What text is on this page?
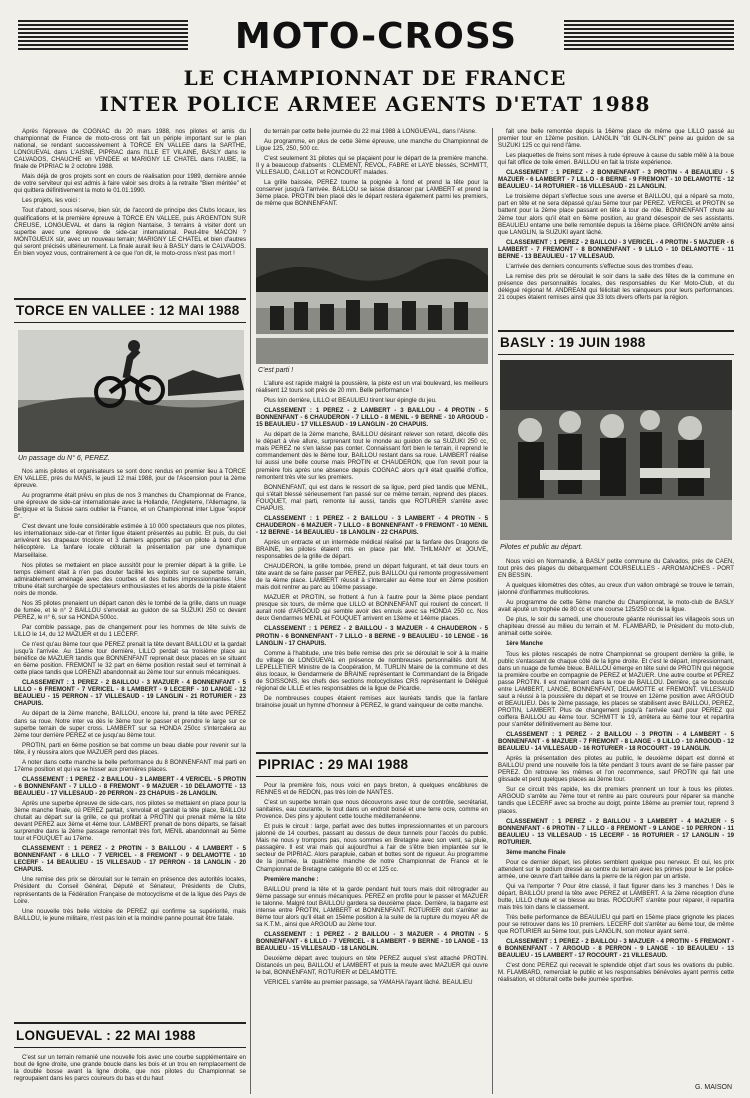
MOTO-CROSS
LE CHAMPIONNAT DE FRANCE
INTER POLICE ARMEE AGENTS D'ETAT 1988

Après l'épreuve de COGNAC du 20 mars 1988, nos pilotes et amis du championnat de France de moto-cross ont fait un périple important sur le plan national, se rendant successivement à TORCE EN VALLEE dans la SARTHE, LONGUEVAL dans L'AISNE, PIPRIAC dans l'ILLE ET VILAINE, BASLY dans le CALVADOS, CHAUCHE en VENDEE et MARIGNY LE CHATEL dans l'AUBE, la finale de PIPRIAC le 2 octobre 1988.

Mais déjà de gros projets sont en cours de réalisation pour 1989, dernière année de votre serviteur qui est admis à faire valoir ses droits à la retraite "Bien méritée" et qui quittera définitivement la moto le 01.01.1990.

Les projets, les voici :

Tout d'abord, sous réserve, bien sûr, de l'accord de principe des Clubs locaux, les qualifications et la première épreuve à TORCE EN VALLEE, puis ARGENTON SUR CREUSE, LONGUEVAL et dans la région Nantaise, 3 terrains à visiter dont un superbe avec une épreuve de side-car international. Peut-être MACON ? MONTGUEUX sûr, avec un nouveau terrain; MARIGNY LE CHATEL et bien d'autres qui seront précisés ultérieurement. La finale aurait lieu à BASLY dans le CALVADOS. En bien voyez vous, contrairement à ce que l'on dit, le moto-cross n'est pas mort !

TORCE EN VALLEE : 12 MAI 1988
Un passage du N° 6, PEREZ.

Nos amis pilotes et organisateurs se sont donc rendus en premier lieu à TORCE EN VALLEE, près du MANS, le jeudi 12 mai 1988, jour de l'Ascension pour la 2ème épreuve.

Au programme était prévu en plus de nos 3 manches du Championnat de France, une épreuve de side-car internationale avec la Hollande, l'Angleterre, l'Allemagne, la Belgique et la Suisse sans oublier la France, et un Championnat inter Ligue "espoir B".

C'est devant une foule considérable estimée à 10 000 spectateurs que nos pilotes, les internationaux side-car et l'inter ligue étaient présentés au public. Et puis, du ciel arrivèrent les drapeaux tricolore et 3 damiers apportés par un pilote à bord d'un hélicoptère. La fanfare locale clôturait la présentation par une dynamique Marseillaise.

Nos pilotes se mettaient en place aussitôt pour le premier départ à la grille. Le temps clément était à n'en pas douter facilité les exploits sur ce superbe terrain, admirablement aménagé avec des courbes et des buttes impressionnantes. Une tribune était surchargée de spectateurs enthousiastes et les abords de la piste étaient noirs de monde.

Nos 35 pilotes prenaient un départ canon dès le tombé de la grille, dans un nuage de fumée, et le n° 2 BAILLOU s'envolait au guidon de sa SUZUKI 250 cc devant PEREZ, le n° 6, sur sa HONDA 500cc.

Par comble passage, pas de changement pour les hommes de tête suivis de LILLO le 14, du 12 MAZUER et du 1 LECERF.

Ce n'est qu'au 8ème tour que PEREZ prenait la tête devant BAILLOU et la gardait jusqu'à l'arrivée. Au 11ème tour dernière, LILLO perdait sa troisième place au bénéfice de MAZUER tandis que BONNENFANT reprenait deux places en se situant en 6ème position. FREMONT le 32 part en 6ème position restait seul et terminait à cette place tandis que LORENZI abandonnait au 2ème tour sur ennuis mécaniques.

CLASSEMENT : 1 PEREZ - 2 BAILLOU - 3 MAZUER - 4 BONNENFANT - 5 LILLO - 6 FREMONT - 7 VERICEL - 8 LAMBERT - 9 LECERF - 10 LANGE - 12 BEAULIEU - 15 PERRON - 17 VILLESAUD - 19 LANGLIN - 21 ROTURIER - 23 CHAPUIS.

Au départ de la 2ème manche, BAILLOU, encore lui, prend la tête avec PEREZ dans sa roue. Notre inter va dès le 3ème tour le passer et prendre le large sur ce superbe terrain de super cross. LAMBERT sur sa HONDA 250cc s'intercalera au 2ème tour derrière PEREZ et ce jusqu'au 8ème tour.

PROTIN, parti en 6ème position se bat comme un beau diable pour revenir sur la tête, il y réussira alors que MAZUER perd des places.

A noter dans cette manche la belle performance du 8 BONNENFANT mal parti en 17ème position et qui va se hisser aux premières places.

CLASSEMENT : 1 PEREZ - 2 BAILLOU - 3 LAMBERT - 4 VERICEL - 5 PROTIN - 6 BONNENFANT - 7 LILLO - 8 FREMONT - 9 MAZUER - 10 DELAMOTTE - 13 BEAULIEU - 17 VILLESAUD - 20 PERRON - 23 CHAPUIS - 26 LANGLIN.

Après une superbe épreuve de side-cars, nos pilotes se mettaient en place pour la 3ème manche finale, où PEREZ partait, s'envolait et gardait la tête place, BAILLOU chutait au départ sur la grille, ce qui profitait à PROTIN qui prenait même la tête devant PEREZ aux 3ème et 4ème tour. LAMBERT prenait de bons départs, se faisait surprendre dans la 2ème passage remontait très fort, MENIL abandonnait au 5ème tour et FOUQUET au 17ème.

CLASSEMENT : 1 PEREZ - 2 PROTIN - 3 BAILLOU - 4 LAMBERT - 5 BONNENFANT - 6 LILLO - 7 VERICEL - 8 FREMONT - 9 DELAMOTTE - 10 LECERF - 14 BEAULIEU - 15 VILLESAUD - 17 PERRON - 18 LANGLIN - 20 CHAPUIS.

Une remise des prix se déroulait sur le terrain en présence des autorités locales, Président du Conseil Général, Député et Sénateur, Présidents de Clubs, représentants de la Fédération Française de motocyclisme et de la ligue des Pays de Loire.

Une nouvelle très belle victoire de PEREZ qui confirme sa supériorité, mais BAILLOU, le jeune militaire, n'est pas loin et la moindre panne pourrait être fatale.

LONGUEVAL : 22 MAI 1988

C'est sur un terrain remanié une nouvelle fois avec une courbe supplémentaire en bout de ligne droite, une grande boucle dans les bois et un trou en remplacement de la double bosse avant la ligne droite, que nos pilotes du Championnat se regroupaient dans les parcs coureurs du bas et du haut

du terrain par cette belle journée du 22 mai 1988 à LONGUEVAL, dans l'Aisne.

Au programme, en plus de cette 3ème épreuve, une manche du Championnat de Ligue 125, 250, 500 cc.

C'est seulement 31 pilotes qui se plaçaient pour le départ de la première manche. Il y a beaucoup d'absents : CLEMENT, REVOL, FABRE et LAYE blessés, SCHMITT, VILLESAUD, CAILLOT et RONCOURT malades.

La grille baissée, PEREZ tourne la poignée à fond et prend la tête pour la conserver jusqu'à l'arrivée. BAILLOU se laisse distancer par LAMBERT et prend la 3ème place. PROTIN bien placé dès le départ restera également parmi les premiers, de même que BONNENFANT.

C'est parti !

L'allure est rapide malgré la poussière, la piste est un vrai boulevard, les meilleurs réalisent 12 tours soit près de 20 mm. Belle performance !

Plus loin derrière, LILLO et BEAULIEU tirent leur épingle du jeu.

CLASSEMENT : 1 PEREZ - 2 LAMBERT - 3 BAILLOU - 4 PROTIN - 5 BONNENFANT - 6 CHAUDERON - 7 LILLO - 8 MENIL - 9 BERNE - 10 ARGOUD - 15 BEAULIEU - 17 VILLESAUD - 19 LANGLIN - 20 CHAPUIS.

Au départ de la 2ème manche, BAILLOU désirant relever son retard, décolle dès le départ à vive allure, surprenant tout le monde au guidon de sa SUZUKI 250 cc, mais PEREZ ne s'en laisse pas conter. Connaissant fort bien le terrain, il reprend le commandement dès le 8ème tour, BAILLOU restant dans sa roue. LAMBERT réalise lui aussi une belle course mais PROTIN et CHAUDERON, que l'on revoit pour la première fois après une absence depuis COGNAC alors qu'il était qualifié d'office, remontent très vite sur les premiers.

BONNENFANT, qui est dans le ressort de sa ligue, perd pied tandis que MENIL, qui s'était blessé sérieusement l'an passé sur ce même terrain, reprend des places. FOUQUET, mal parti, remonte lui aussi, tandis que ROTURIER s'arrête avec CHAPUIS.

CLASSEMENT : 1 PEREZ - 2 BAILLOU - 3 LAMBERT - 4 PROTIN - 5 CHAUDERON - 6 MAZUER - 7 LILLO - 8 BONNENFANT - 9 FREMONT - 10 MENIL - 12 BERNE - 14 BEAULIEU - 18 LANGLIN - 22 CHAPUIS.

Après un entracte et un intermède médical réalisé par la fanfare des Dragons de BRAINE, les pilotes étaient mis en place par MM. THILMANY et JOUVE, responsables de la grille de départ.

CHAUDERON, la grille tombée, prend un départ fulgurant, et tait deux tours en tête avant de se faire passer par PEREZ, puis BAILLOU qui remonte progressivement de la 4ème place. LAMBERT réussit à s'intercaler au 4ème tour en 2ème position mais doit rentrer au parc au 10ème passage.

MAZUER et PROTIN, se frottent à l'un à l'autre pour la 3ème place pendant presque six tours, de même que LILLO et BONNENFANT qui roulent de concert. Il aurait noté d'ARGOUD qui semble avoir des ennuis avec sa HONDA 250 cc. Nos deux Gendarmes MENIL et FOUQUET arrivent en 13ème et 14ème places.

CLASSEMENT : 1 PEREZ - 2 BAILLOU - 3 MAZUER - 4 CHAUDERON - 5 PROTIN - 6 BONNENFANT - 7 LILLO - 8 BERNE - 9 BEAULIEU - 10 LENGE - 16 LANGLIN - 17 CHAPUIS.

Comme à l'habitude, une très belle remise des prix se déroulait le soir à la mairie du village de LONGUEVAL en présence de nombreuses personnalités dont M. LEPELLETIER Ministre de la Coopération, M. TURLIN Maire de la commune et des élus locaux, le Gendarmerie de BRAINE représentant le Commandant de la Brigade de SOISSONS, les chefs des sections motocyclistes CRS représentant le Délégué régional de LILLE et les responsables de la ligue de Picardie.

De nombreuses coupes étaient remises aux lauréats tandis que la fanfare brainoise jouait un hymne d'honneur à PEREZ, le grand vainqueur de cette manche.

PIPRIAC : 29 MAI 1988

Pour la première fois, nous voici en pays breton, à quelques encâblures de RENNES et de REDON, pas très loin de NANTES.

C'est un superbe terrain que nous découvrons avec tour de contrôle, secrétariat, sanitaires, eau courante, le tout dans un endroit boisé et une terre ocre, comme en Provence. Des pins y ajoutent cette touche méditerranéenne.

Et puis le circuit : large, parfait avec des buttes impressionnantes et un parcours jalonné de 14 courbes, passant au dessus de deux tunnels pour l'accès du public. Mais ne nous y trompons pas, nous sommes en Bretagne avec son vent, sa pluie, passagère. Il est vrai mais qui aujourd'hui a l'air de s'être bien implantée sur le secteur de PIPRIAC. Alors parapluie, caban et bottes sont de rigueur. Au programme de la journée, la quatrième manche de notre Championnat de France et le Championnat de Bretagne catégorie 80 cc et 125 cc.

Première manche :

BAILLOU prend la tête et la garde pendant huit tours mais doit rétrograder au 9ème passage sur ennuis mécaniques. PEREZ en profite pour le passer et MAZUER le talonne. Malgré tout BAILLOU gardera sa deuxième place. Derrière, la bagarre est intense entre PROTIN, LAMBERT et BONNENFANT. ROTURIER doit s'arrêter au 8ème tour alors qu'il était en 15ème position à la suite de la rupture du moyeu AR de sa K.T.M., ainsi que ARGOUD au 2ème tour.

CLASSEMENT : 1 PEREZ - 2 BAILLOU - 3 MAZUER - 4 PROTIN - 5 BONNENFANT - 6 LILLO - 7 VERICEL - 8 LAMBERT - 9 BERNE - 10 LANGE - 13 BEAULIEU - 15 VILLESAUD - 18 LANGLIN.

Deuxième départ avec toujours en tête PEREZ auquel s'est attaché PROTIN. Distancés un peu, BAILLOU et LAMBERT et puis la meute avec MAZUER qui ouvre le bal, BONNENFANT, ROTURIER et DELAMOTTE.

VERICEL s'arrête au premier passage, sa YAMAHA l'ayant lâché. BEAULIEU

fait une belle remontée depuis la 16ème place de même que LILLO passé au premier tour en 12ème position. LANGLIN "dit GLIN-GLIN" peine au guidon de sa SUZUKI 125 cc qui rend l'âme.

Les plaquettes de freins sont mises à rude épreuve à cause du sable mêlé à la boue qui fait office de toile émeri. BAILLOU en fait la triste expérience.

CLASSEMENT : 1 PEREZ - 2 BONNENFANT - 3 PROTIN - 4 BEAULIEU - 5 MAZUER - 6 LAMBERT - 7 LILLO - 8 BERNE - 9 FREMONT - 10 DELAMOTTE - 12 BEAULIEU - 14 ROTURIER - 16 VILLESAUD - 21 LANGLIN.

Le troisième départ s'effectue sous une averse et BAILLOU, qui a réparé sa moto, part en tête et ne sera dépassé qu'au 5ème tour par PEREZ. VERICEL et PROTIN se battent pour la 2ème place passant en tête à tour de rôle. BONNENFANT chute au 2ème tour alors qu'il était en 6ème position, au grand désespoir de ses assistants. BEAULIEU entame une belle remontée depuis la 16ème place. GRIGNON arrête ainsi que LANGLIN, la SUZUKI ayant lâché.

CLASSEMENT : 1 PEREZ - 2 BAILLOU - 3 VERICEL - 4 PROTIN - 5 MAZUER - 6 LAMBERT - 7 FREMONT - 8 BONNENFANT - 9 LILLO - 10 DELAMOTTE - 11 BERNE - 13 BEAULIEU - 17 VILLESAUD.

L'arrivée des derniers concurrents s'effectue sous des trombes d'eau.

La remise des prix se déroulait le soir dans la salle des fêtes de la commune en présence des personnalités locales, des responsables du Ker Moto-Club, et du délégué régional M. ANDREANI qui félicitait les vainqueurs pour leurs performances. 21 coupes étaient remises ainsi que 33 lots divers offerts par la région.

BASLY : 19 JUIN 1988
Pilotes et public au départ.

Nous voici en Normandie, à BASLY petite commune du Calvados, près de CAEN, tout près des plages du débarquement COURSEULLES - ARROMANCHES - PORT EN BESSIN.

A quelques kilomètres des côtes, au creux d'un vallon ombragé se trouve le terrain, jalonné d'oriflammes multicolores.

Au programme de cette 5ème manche du Championnat, le moto-club de BASLY avait ajouté un trophée de 80 cc et une course 125/250 cc de la ligue.

De plus, le soir du samedi, une choucroute géante réunissait les villageois sous un chapiteau dressé au milieu du terrain et M. FLAMBARD, le Président du moto-club, animait cette soirée.

1ère Manche

Tous les pilotes rescapés de notre Championnat se groupent derrière la grille, le public s'entassant de chaque côté de la ligne droite. Et c'est le départ, impressionnant, dans un nuage de fumée bleue. BAILLOU émerge en tête suivi de PROTIN qui négocie la première courbe en compagnie de PEREZ et MAZUER. Une autre courbe et PEREZ passe PROTIN. Il est maintenant dans la roue de BAILLOU. Derrière, ça se bouscule entre LAMBERT, LANGE, BONNENFANT, DELAMOTTE et FREMONT. VILLESAUD saut a réussi à la poussière du départ et se trouve en 12ème position avec ARGOUD et BEAULIEU. Dès le 2ème passage, les places se stabilisent avec BAILLOU, PEREZ, PROTIN, LAMBERT. Plus de changement jusqu'à l'arrivée sauf pour PEREZ qui coiffera BAILLOU au 4ème tour. SCHMITT le 19, arrêtera au 6ème tour et repartira pour s'arrêter définitivement au 8ème tour.

CLASSEMENT : 1 PEREZ - 2 BAILLOU - 3 PROTIN - 4 LAMBERT - 5 BONNENFANT - 6 MAZUER - 7 FREMONT - 8 LANGE - 9 LILLO - 10 ARGOUD - 12 BEAULIEU - 14 VILLESAUD - 16 ROTURIER - 18 ROCOURT - 19 LANGLIN.

Après la présentation des pilotes au public, le deuxième départ est donné et BAILLOU prend une nouvelle fois la tête pendant 3 tours avant de se faire passer par PEREZ. On retrouve les mêmes et l'on recommence, sauf PROTIN qui fait une glissade et perd quelques places au 3ème tour.

Sur ce circuit très rapide, les dix premiers prennent un tour à tous les pilotes. ARGOUD s'arrête au 7ème tour et rentre au parc coureurs pour réparer sa manche tandis que LECERF avec sa broche au doigt, pointe 18ème au premier tour, reprend 3 places.

CLASSEMENT : 1 PEREZ - 2 BAILLOU - 3 LAMBERT - 4 MAZUER - 5 BONNENFANT - 6 PROTIN - 7 LILLO - 8 FREMONT - 9 LANGE - 10 PERRON - 11 BEAULIEU - 13 VILLESAUD - 15 LECERF - 16 ROTURIER - 17 LANGLIN - 19 ROTURIER.

3ème manche Finale

Pour ce dernier départ, les pilotes semblent quelque peu nerveux. Et oui, les prix attendent sur le podium dressé au centre du terrain avec les primes pour le 1er police-armée, une œuvre d'art taillée dans la pierre de la région par un artiste.

Qui va l'emporter ? Pour être classé, il faut figurer dans les 3 manches ! Dès le départ, BAILLOU prend la tête avec PEREZ et LAMBERT. A la 2ème réception d'une butte, LILLO chute et se blesse au bras. ROCOURT s'arrête pour réparer, il repartira mais très loin dans le classement.

Très belle performance de BEAULIEU qui parti en 15ème place grignote les places pour se retrouver dans les 10 premiers. LECERF doit s'arrêter au 6ème tour, de même que ROTURIER au 5ème tour, puis LANGLIN, son moteur ayant serré.

CLASSEMENT : 1 PEREZ - 2 BAILLOU - 3 MAZUER - 4 PROTIN - 5 FREMONT - 6 BONNENFANT - 7 ARGOUD - 8 PERRON - 9 LANGE - 10 BEAULIEU - 13 BEAULIEU - 15 LAMBERT - 17 ROCOURT - 21 VILLESAUD.

C'est donc PEREZ qui recevait le splendide objet d'art sous les ovations du public. M. FLAMBARD, remerciait le public et les responsables bénévoles ayant permis cette réalisation, et clôturait cette belle journée sportive.

G. MAISON
